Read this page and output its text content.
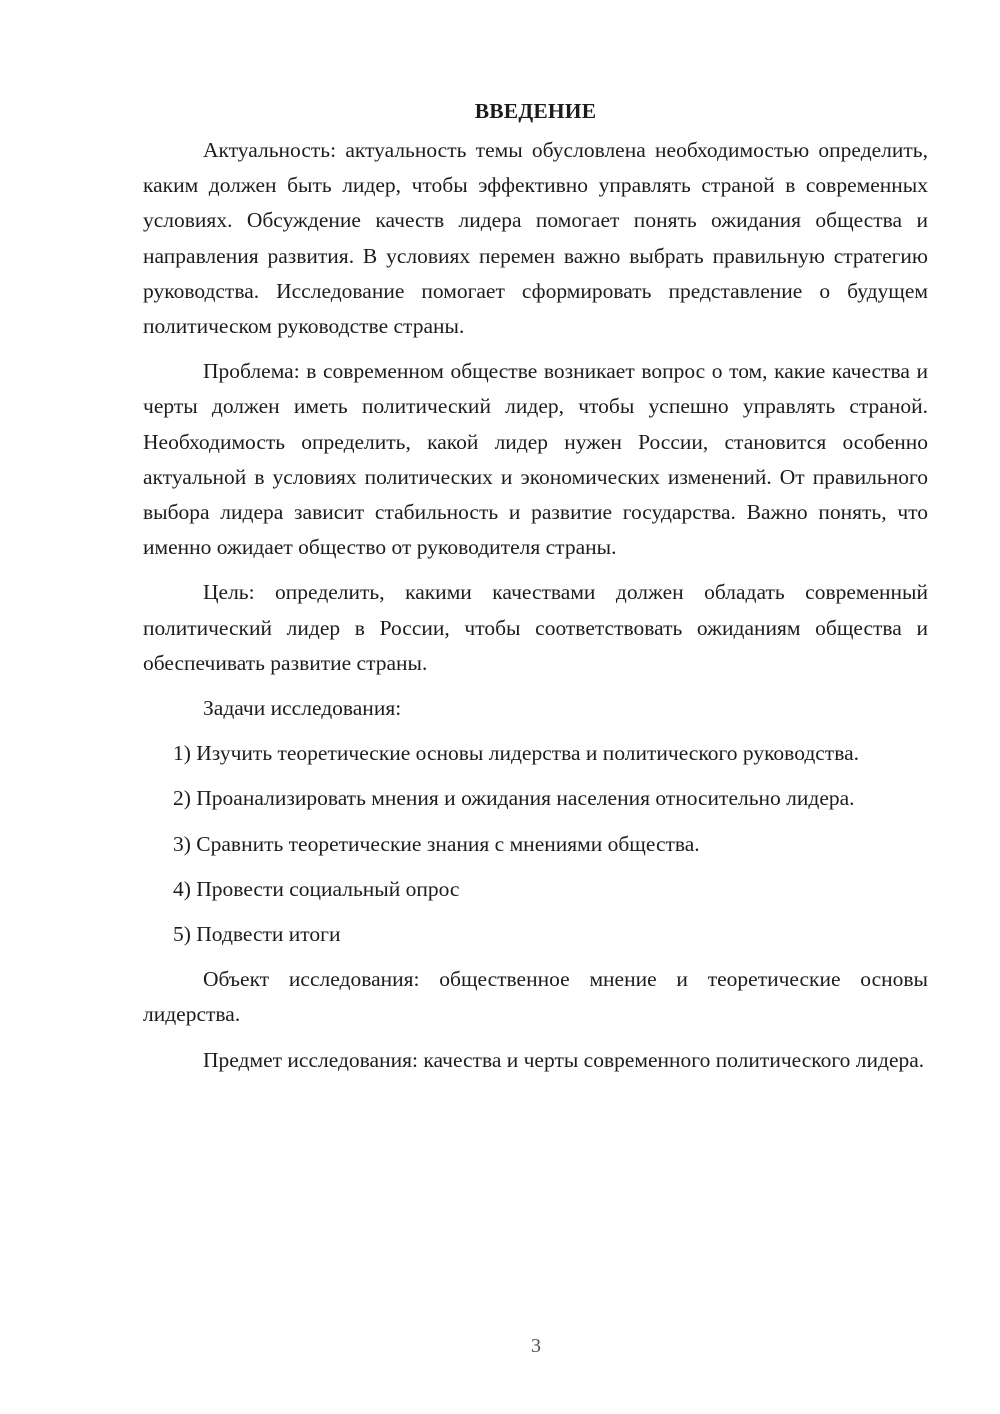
ВВЕДЕНИЕ

Актуальность: актуальность темы обусловлена необходимостью определить, каким должен быть лидер, чтобы эффективно управлять страной в современных условиях. Обсуждение качеств лидера помогает понять ожидания общества и направления развития. В условиях перемен важно выбрать правильную стратегию руководства. Исследование помогает сформировать представление о будущем политическом руководстве страны.

Проблема: в современном обществе возникает вопрос о том, какие качества и черты должен иметь политический лидер, чтобы успешно управлять страной. Необходимость определить, какой лидер нужен России, становится особенно актуальной в условиях политических и экономических изменений. От правильного выбора лидера зависит стабильность и развитие государства. Важно понять, что именно ожидает общество от руководителя страны.

Цель: определить, какими качествами должен обладать современный политический лидер в России, чтобы соответствовать ожиданиям общества и обеспечивать развитие страны.

Задачи исследования:

1) Изучить теоретические основы лидерства и политического руководства.

2) Проанализировать мнения и ожидания населения относительно лидера.

3) Сравнить теоретические знания с мнениями общества.

4) Провести социальный опрос

5) Подвести итоги

Объект исследования: общественное мнение и теоретические основы лидерства.

Предмет исследования: качества и черты современного политического лидера.

3
